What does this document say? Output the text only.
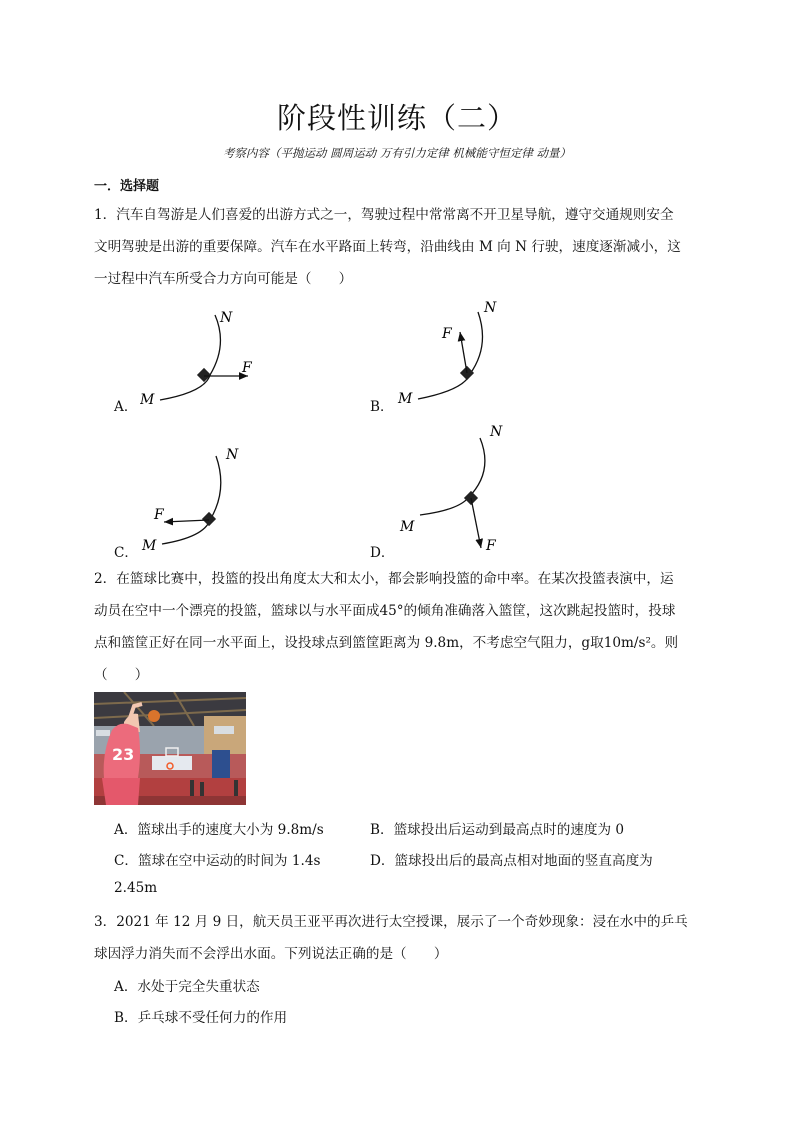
阶段性训练（二）
考察内容（平抛运动 圆周运动 万有引力定律 机械能守恒定律 动量）
一．选择题
1．汽车自驾游是人们喜爱的出游方式之一，驾驶过程中常常离不开卫星导航，遵守交通规则安全
文明驾驶是出游的重要保障。汽车在水平路面上转弯，沿曲线由 M 向 N 行驶，速度逐渐减小，这
一过程中汽车所受合力方向可能是（　　）
A． M
N
F
B． M
N
F
C． M
N
F
D．
M
N
F
2．在篮球比赛中，投篮的投出角度太大和太小，都会影响投篮的命中率。在某次投篮表演中，运
动员在空中一个漂亮的投篮，篮球以与水平面成45°的倾角准确落入篮筐，这次跳起投篮时，投球
点和篮筐正好在同一水平面上，设投球点到篮筐距离为 9.8m，不考虑空气阻力，g取10m/s²。则
（　　）
23
A．篮球出手的速度大小为 9.8m/s	B．篮球投出后运动到最高点时的速度为 0
C．篮球在空中运动的时间为 1.4s	D．篮球投出后的最高点相对地面的竖直高度为
2.45m
3．2021 年 12 月 9 日，航天员王亚平再次进行太空授课，展示了一个奇妙现象：浸在水中的乒乓
球因浮力消失而不会浮出水面。下列说法正确的是（　　）
A．水处于完全失重状态
B．乒乓球不受任何力的作用
